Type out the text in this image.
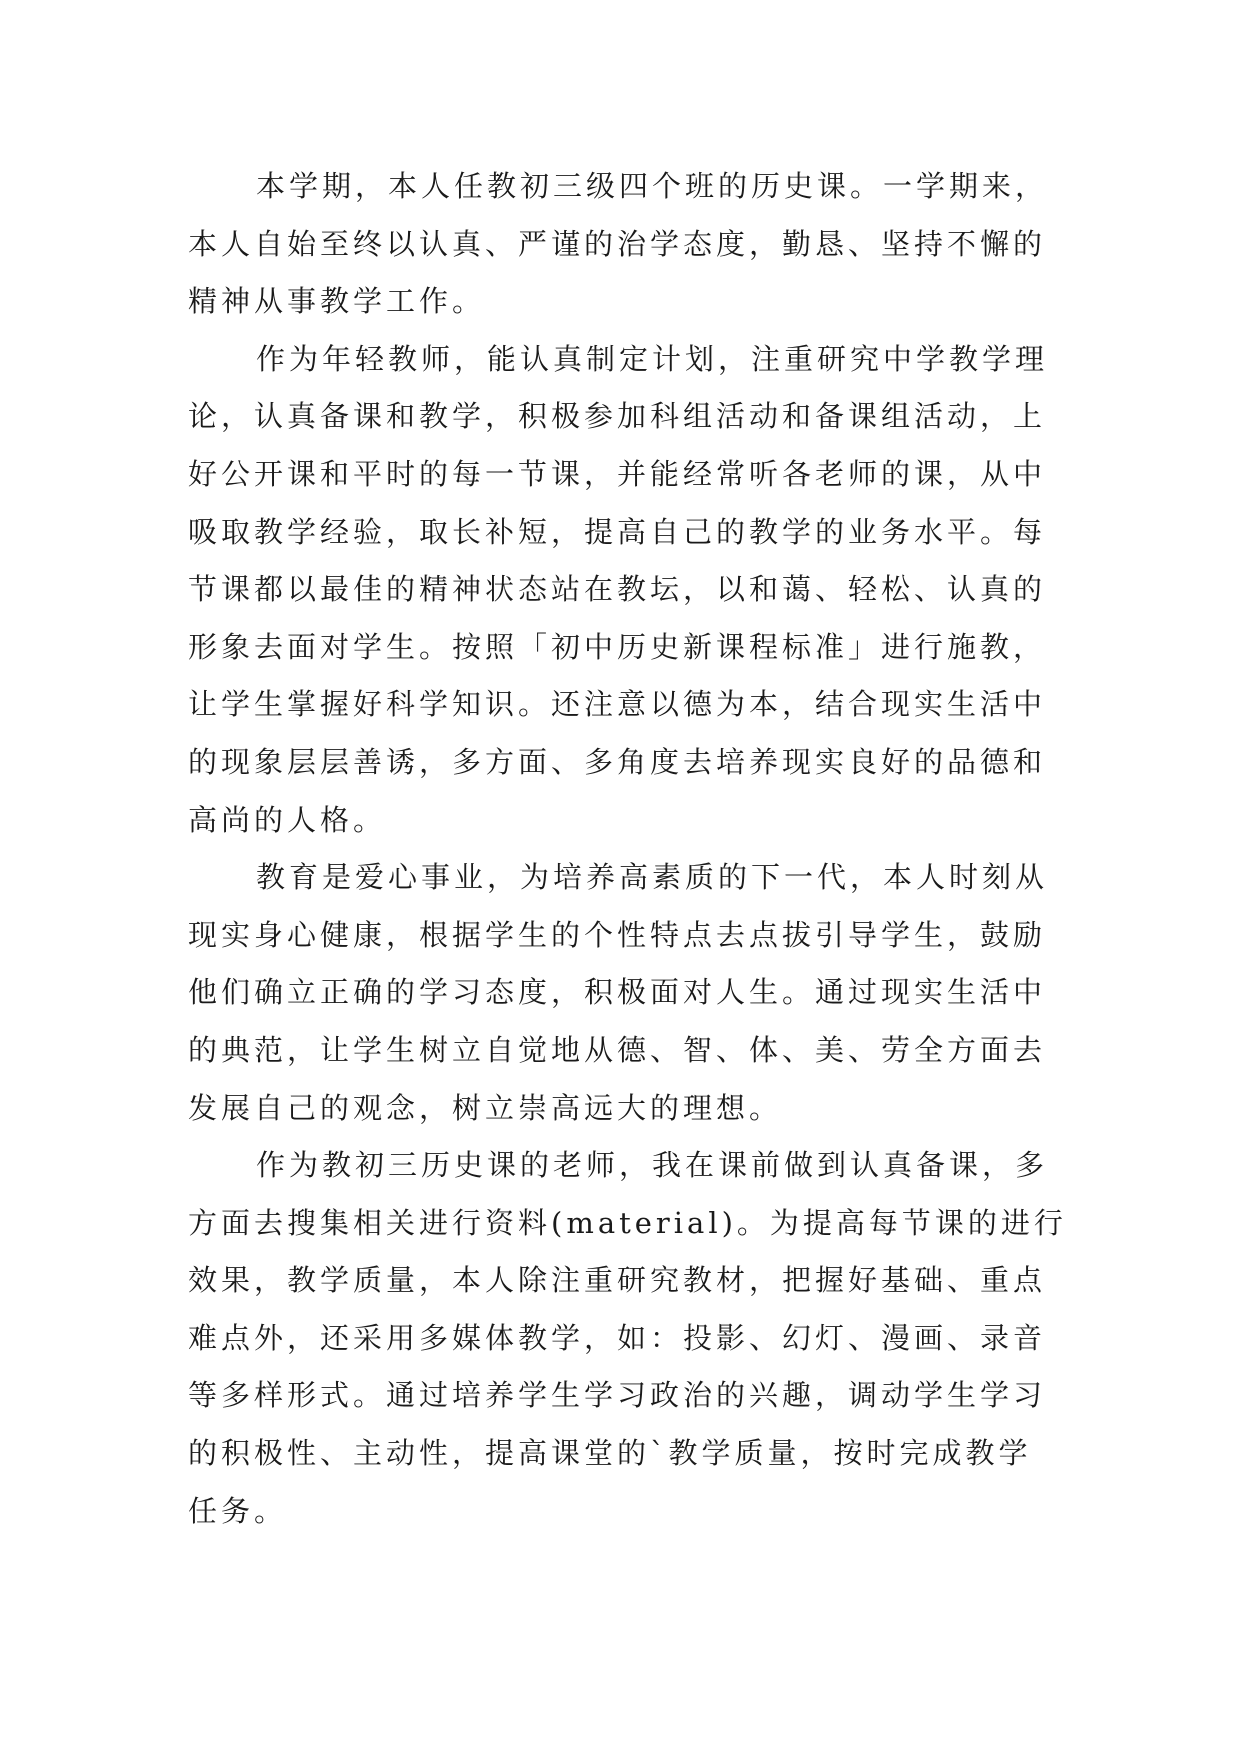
本学期，本人任教初三级四个班的历史课。一学期来，
本人自始至终以认真、严谨的治学态度，勤恳、坚持不懈的
精神从事教学工作。
作为年轻教师，能认真制定计划，注重研究中学教学理
论，认真备课和教学，积极参加科组活动和备课组活动，上
好公开课和平时的每一节课，并能经常听各老师的课，从中
吸取教学经验，取长补短，提高自己的教学的业务水平。每
节课都以最佳的精神状态站在教坛，以和蔼、轻松、认真的
形象去面对学生。按照「初中历史新课程标准」进行施教，
让学生掌握好科学知识。还注意以德为本，结合现实生活中
的现象层层善诱，多方面、多角度去培养现实良好的品德和
高尚的人格。
教育是爱心事业，为培养高素质的下一代，本人时刻从
现实身心健康，根据学生的个性特点去点拔引导学生，鼓励
他们确立正确的学习态度，积极面对人生。通过现实生活中
的典范，让学生树立自觉地从德、智、体、美、劳全方面去
发展自己的观念，树立崇高远大的理想。
作为教初三历史课的老师，我在课前做到认真备课，多
方面去搜集相关进行资料(material)。为提高每节课的进行
效果，教学质量，本人除注重研究教材，把握好基础、重点
难点外，还采用多媒体教学，如：投影、幻灯、漫画、录音
等多样形式。通过培养学生学习政治的兴趣，调动学生学习
的积极性、主动性，提高课堂的`教学质量，按时完成教学
任务。
